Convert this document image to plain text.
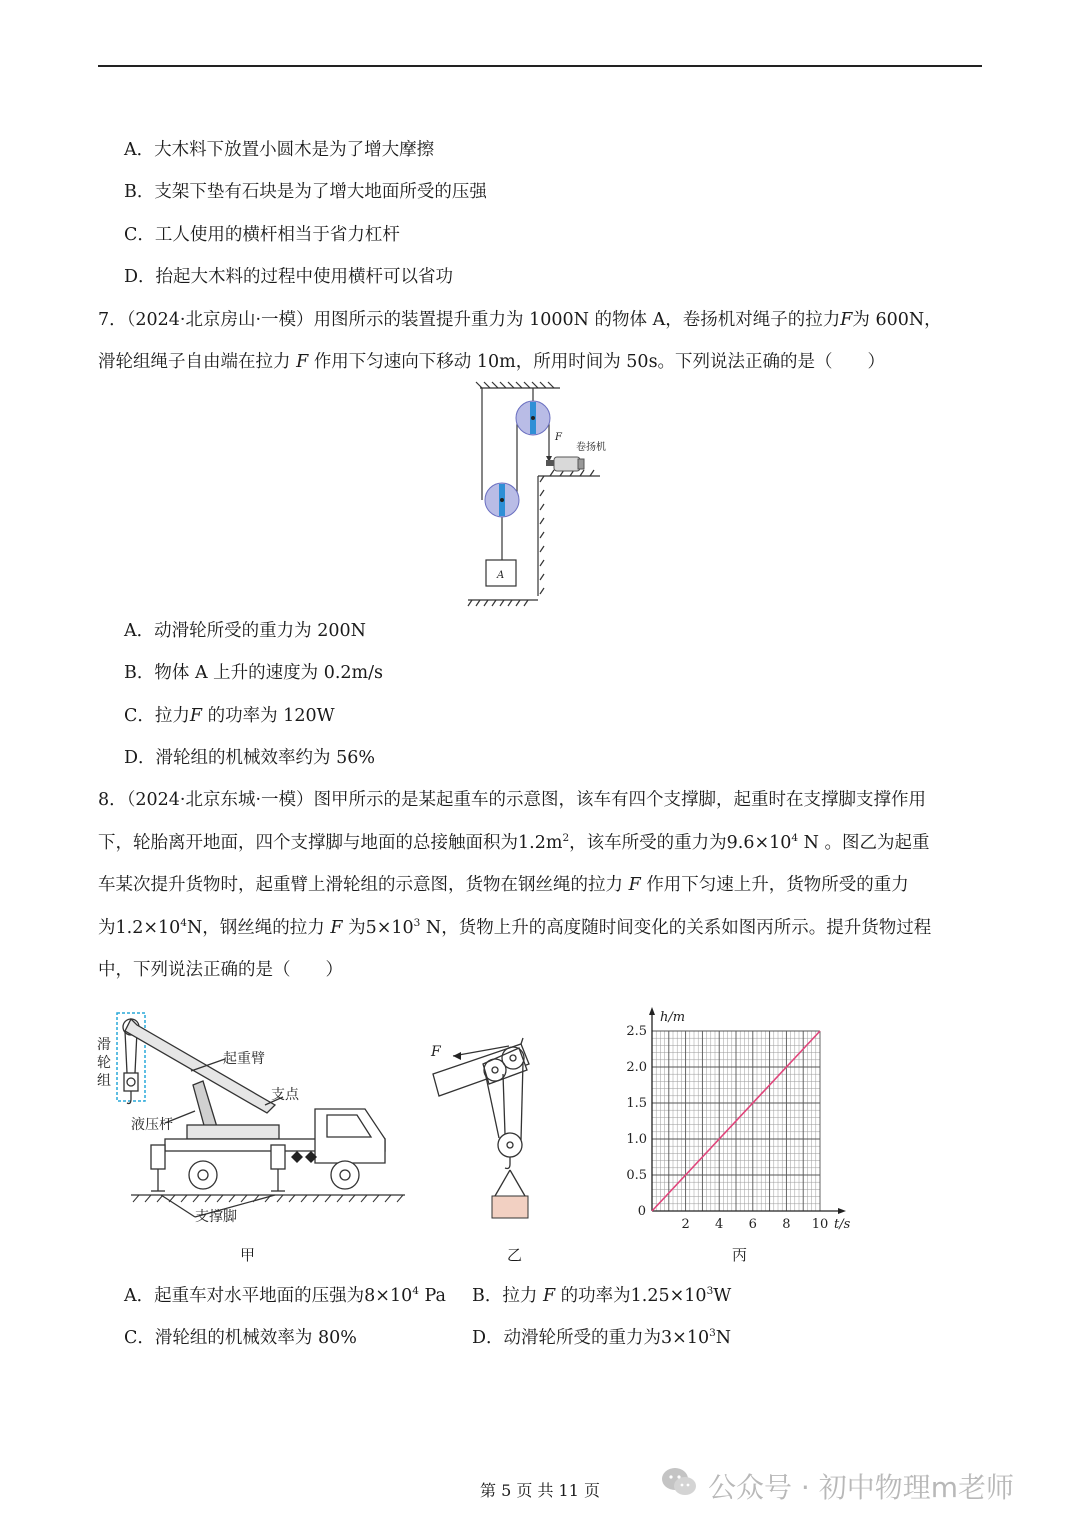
A．大木料下放置小圆木是为了增大摩擦
B．支架下垫有石块是为了增大地面所受的压强
C．工人使用的横杆相当于省力杠杆
D．抬起大木料的过程中使用横杆可以省功
7．（2024·北京房山·一模）用图所示的装置提升重力为 1000N 的物体 A，卷扬机对绳子的拉力F为 600N，
滑轮组绳子自由端在拉力 F 作用下匀速向下移动 10m，所用时间为 50s。下列说法正确的是（　　）
F
卷扬机
A
A．动滑轮所受的重力为 200N
B．物体 A 上升的速度为 0.2m/s
C．拉力F 的功率为 120W
D．滑轮组的机械效率约为 56%
8．（2024·北京东城·一模）图甲所示的是某起重车的示意图，该车有四个支撑脚，起重时在支撑脚支撑作用
下，轮胎离开地面，四个支撑脚与地面的总接触面积为$1.2m^2$，该车所受的重力为$9.6\times 10^4$ N 。图乙为起重
车某次提升货物时，起重臂上滑轮组的示意图，货物在钢丝绳的拉力 F 作用下匀速上升，货物所受的重力
为$1.2\times 10^4N$，钢丝绳的拉力 F 为$5\times 10^3$ N，货物上升的高度随时间变化的关系如图丙所示。提升货物过程
中，下列说法正确的是（　　）
滑
轮
组
起重臂
支点
液压杆
支撑脚
甲
F
乙
2 4 6 8 10
0.5
1.0
1.5
2.0
2.5
0
t/s
h/m
丙
A．起重车对水平地面的压强为$8\times 10^4$ Pa B．拉力 F 的功率为$1.25\times 10^3W$
C．滑轮组的机械效率为 80%	D．动滑轮所受的重力为$3\times 10^3N$
第 5 页 共 11 页	公众号 · 初中物理m老师
